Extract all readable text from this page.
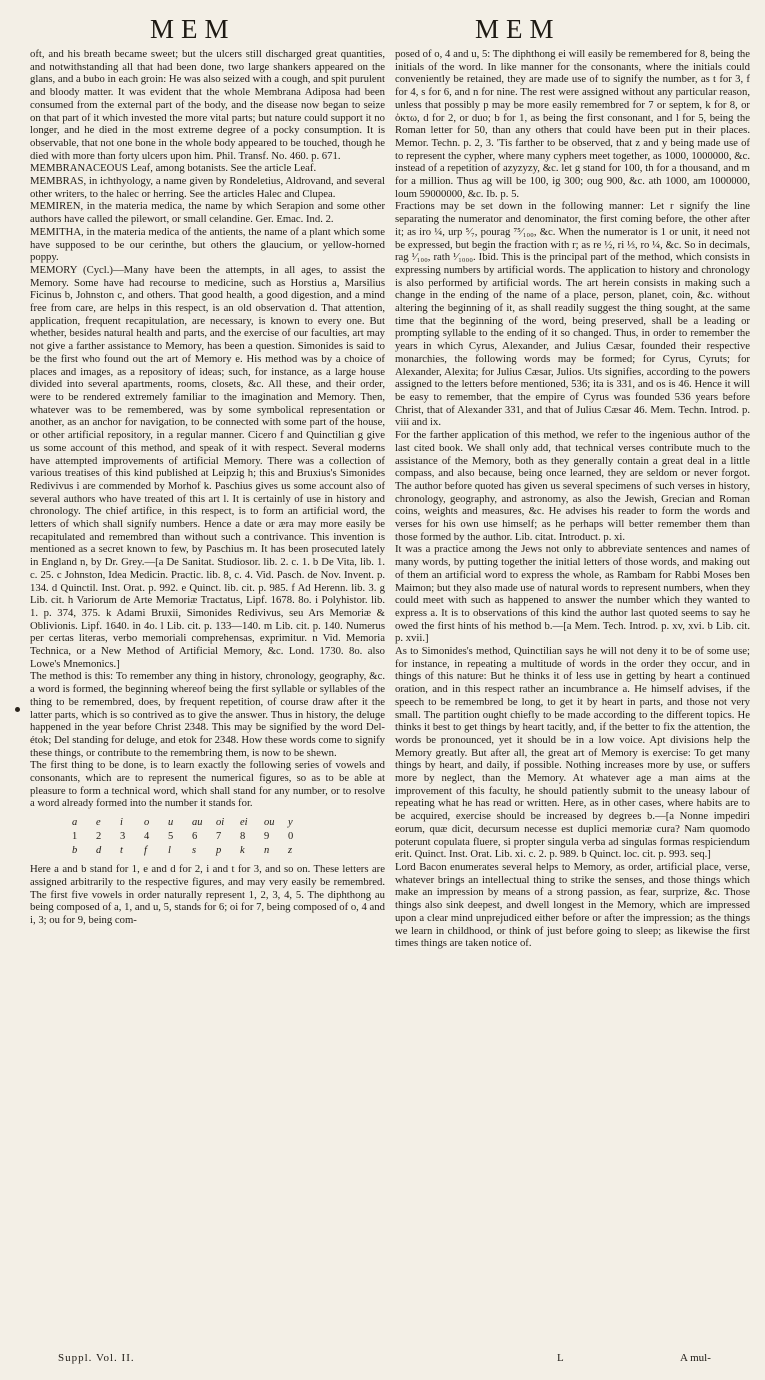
MEM	MEM

oft, and his breath became sweet; but the ulcers still discharged great quantities, and notwithstanding all that had been done, two large shankers appeared on the glans, and a bubo in each groin: He was also seized with a cough, and spit purulent and bloody matter. It was evident that the whole Membrana Adiposa had been consumed from the external part of the body, and the disease now began to seize on that part of it which invested the more vital parts; but nature could support it no longer, and he died in the most extreme degree of a pocky consumption. It is observable, that not one bone in the whole body appeared to be touched, though he died with more than forty ulcers upon him. Phil. Transf. No. 460. p. 671.

MEMBRANACEOUS Leaf, among botanists. See the article Leaf.

MEMBRAS, in ichthyology, a name given by Rondeletius, Aldrovand, and several other writers, to the halec or herring. See the articles Halec and Clupea.

MEMIREN, in the materia medica, the name by which Serapion and some other authors have called the pilewort, or small celandine. Ger. Emac. Ind. 2.

MEMITHA, in the materia medica of the antients, the name of a plant which some have supposed to be our cerinthe, but others the glaucium, or yellow-horned poppy.

MEMORY (Cycl.)—Many have been the attempts, in all ages, to assist the Memory. Some have had recourse to medicine, such as Horstius a, Marsilius Ficinus b, Johnston c, and others. That good health, a good digestion, and a mind free from care, are helps in this respect, is an old observation d. That attention, application, frequent recapitulation, are necessary, is known to every one. But whether, besides natural health and parts, and the exercise of our faculties, art may not give a farther assistance to Memory, has been a question. Simonides is said to be the first who found out the art of Memory e. His method was by a choice of places and images, as a repository of ideas; such, for instance, as a large house divided into several apartments, rooms, closets, &c. All these, and their order, were to be rendered extremely familiar to the imagination and Memory. Then, whatever was to be remembered, was by some symbolical representation or another, as an anchor for navigation, to be connected with some part of the house, or other artificial repository, in a regular manner. Cicero f and Quinctilian g give us some account of this method, and speak of it with respect. Several moderns have attempted improvements of artificial Memory. There was a collection of various treatises of this kind published at Leipzig h; this and Bruxius's Simonides Redivivus i are commended by Morhof k. Paschius gives us some account also of several authors who have treated of this art l. It is certainly of use in history and chronology. The chief artifice, in this respect, is to form an artificial word, the letters of which shall signify numbers. Hence a date or æra may more easily be recapitulated and remembred than without such a contrivance. This invention is mentioned as a secret known to few, by Paschius m. It has been prosecuted lately in England n, by Dr. Grey.—[a De Sanitat. Studiosor. lib. 2. c. 1. b De Vita, lib. 1. c. 25. c Johnston, Idea Medicin. Practic. lib. 8, c. 4. Vid. Pasch. de Nov. Invent. p. 134. d Quinctil. Inst. Orat. p. 992. e Quinct. lib. cit. p. 985. f Ad Herenn. lib. 3. g Lib. cit. h Variorum de Arte Memoriæ Tractatus, Lipf. 1678. 8o. i Polyhistor. lib. 1. p. 374, 375. k Adami Bruxii, Simonides Redivivus, seu Ars Memoriæ & Oblivionis. Lipf. 1640. in 4o. l Lib. cit. p. 133—140. m Lib. cit. p. 140. Numerus per certas literas, verbo memoriali comprehensas, exprimitur. n Vid. Memoria Technica, or a New Method of Artificial Memory, &c. Lond. 1730. 8o. also Lowe's Mnemonics.]

The method is this: To remember any thing in history, chronology, geography, &c. a word is formed, the beginning whereof being the first syllable or syllables of the thing to be remembred, does, by frequent repetition, of course draw after it the latter parts, which is so contrived as to give the answer. Thus in history, the deluge happened in the year before Christ 2348. This may be signified by the word Del-étok; Del standing for deluge, and etok for 2348. How these words come to signify these things, or contribute to the remembring them, is now to be shewn.

The first thing to be done, is to learn exactly the following series of vowels and consonants, which are to represent the numerical figures, so as to be able at pleasure to form a technical word, which shall stand for any number, or to resolve a word already formed into the number it stands for.

a	e	i	o	u	au	oi	ei	ou	y
1	2	3	4	5	6	7	8	9	0
b	d	t	f	l	s	p	k	n	z

Here a and b stand for 1, e and d for 2, i and t for 3, and so on. These letters are assigned arbitrarily to the respective figures, and may very easily be remembred. The first five vowels in order naturally represent 1, 2, 3, 4, 5. The diphthong au being composed of a, 1, and u, 5, stands for 6; oi for 7, being composed of o, 4 and i, 3; ou for 9, being com-

posed of o, 4 and u, 5: The diphthong ei will easily be remembered for 8, being the initials of the word. In like manner for the consonants, where the initials could conveniently be retained, they are made use of to signify the number, as t for 3, f for 4, s for 6, and n for nine. The rest were assigned without any particular reason, unless that possibly p may be more easily remembred for 7 or septem, k for 8, or ὀκτω, d for 2, or duo; b for 1, as being the first consonant, and l for 5, being the Roman letter for 50, than any others that could have been put in their places. Memor. Techn. p. 2, 3. 'Tis farther to be observed, that z and y being made use of to represent the cypher, where many cyphers meet together, as 1000, 1000000, &c. instead of a repetition of azyzyzy, &c. let g stand for 100, th for a thousand, and m for a million. Thus ag will be 100, ig 300; oug 900, &c. ath 1000, am 1000000, loum 59000000, &c. Ib. p. 5.

Fractions may be set down in the following manner: Let r signify the line separating the numerator and denominator, the first coming before, the other after it; as iro ¼, urp ⁵⁄₇, pourag ⁷⁵⁄₁₀₀, &c. When the numerator is 1 or unit, it need not be expressed, but begin the fraction with r; as re ½, ri ⅓, ro ¼, &c. So in decimals, rag ¹⁄₁₀₀, rath ¹⁄₁₀₀₀. Ibid. This is the principal part of the method, which consists in expressing numbers by artificial words. The application to history and chronology is also performed by artificial words. The art herein consists in making such a change in the ending of the name of a place, person, planet, coin, &c. without altering the beginning of it, as shall readily suggest the thing sought, at the same time that the beginning of the word, being preserved, shall be a leading or prompting syllable to the ending of it so changed. Thus, in order to remember the years in which Cyrus, Alexander, and Julius Cæsar, founded their respective monarchies, the following words may be formed; for Cyrus, Cyruts; for Alexander, Alexita; for Julius Cæsar, Julios. Uts signifies, according to the powers assigned to the letters before mentioned, 536; ita is 331, and os is 46. Hence it will be easy to remember, that the empire of Cyrus was founded 536 years before Christ, that of Alexander 331, and that of Julius Cæsar 46. Mem. Techn. Introd. p. viii and ix.

For the farther application of this method, we refer to the ingenious author of the last cited book. We shall only add, that technical verses contribute much to the assistance of the Memory, both as they generally contain a great deal in a little compass, and also because, being once learned, they are seldom or never forgot. The author before quoted has given us several specimens of such verses in history, chronology, geography, and astronomy, as also the Jewish, Grecian and Roman coins, weights and measures, &c. He advises his reader to form the words and verses for his own use himself; as he perhaps will better remember them than those formed by the author. Lib. citat. Introduct. p. xi.

It was a practice among the Jews not only to abbreviate sentences and names of many words, by putting together the initial letters of those words, and making out of them an artificial word to express the whole, as Rambam for Rabbi Moses ben Maimon; but they also made use of natural words to represent numbers, when they could meet with such as happened to answer the number which they wanted to express a. It is to observations of this kind the author last quoted seems to say he owed the first hints of his method b.—[a Mem. Tech. Introd. p. xv, xvi. b Lib. cit. p. xvii.]

As to Simonides's method, Quinctilian says he will not deny it to be of some use; for instance, in repeating a multitude of words in the order they occur, and in things of this nature: But he thinks it of less use in getting by heart a continued oration, and in this respect rather an incumbrance a. He himself advises, if the speech to be remembred be long, to get it by heart in parts, and those not very small. The partition ought chiefly to be made according to the different topics. He thinks it best to get things by heart tacitly, and, if the better to fix the attention, the words be pronounced, yet it should be in a low voice. Apt divisions help the Memory greatly. But after all, the great art of Memory is exercise: To get many things by heart, and daily, if possible. Nothing increases more by use, or suffers more by neglect, than the Memory. At whatever age a man aims at the improvement of this faculty, he should patiently submit to the uneasy labour of repeating what he has read or written. Here, as in other cases, where habits are to be acquired, exercise should be increased by degrees b.—[a Nonne impediri eorum, quæ dicit, decursum necesse est duplici memoriæ cura? Nam quomodo poterunt copulata fluere, si propter singula verba ad singulas formas respiciendum erit. Quinct. Inst. Orat. Lib. xi. c. 2. p. 989. b Quinct. loc. cit. p. 993. seq.]

Lord Bacon enumerates several helps to Memory, as order, artificial place, verse, whatever brings an intellectual thing to strike the senses, and those things which make an impression by means of a strong passion, as fear, surprize, &c. Those things also sink deepest, and dwell longest in the Memory, which are impressed upon a clear mind unprejudiced either before or after the impression; as the things we learn in childhood, or think of just before going to sleep; as likewise the first times things are taken notice of.

Suppl. Vol. II.	L	A mul-
